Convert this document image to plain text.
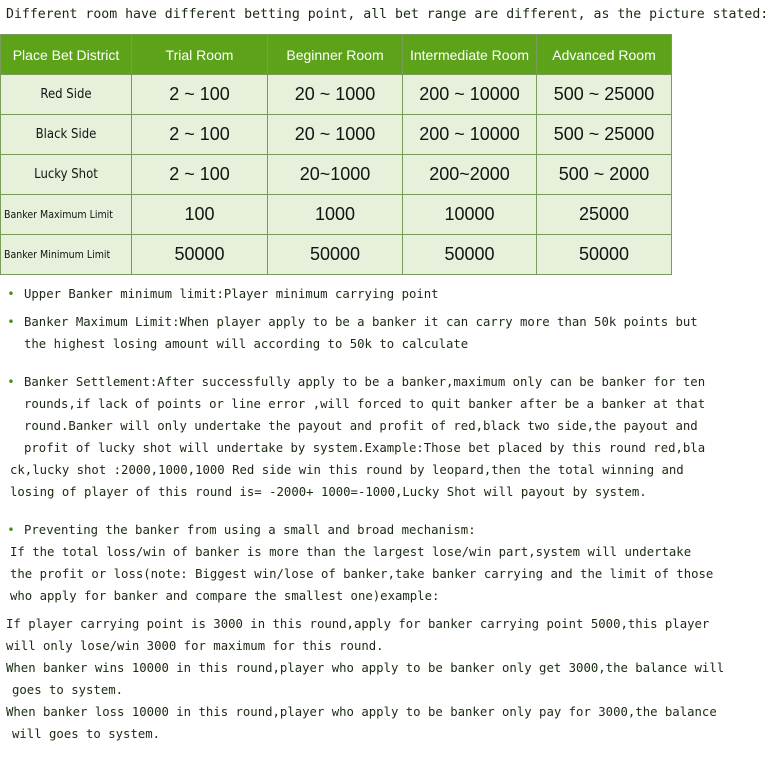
Different room have different betting point, all bet range are different, as the picture stated:
Place Bet District	Trial Room	Beginner Room	Intermediate Room	Advanced Room
Red Side	2 ~ 100	20 ~ 1000	200 ~ 10000	500 ~ 25000
Black Side	2 ~ 100	20 ~ 1000	200 ~ 10000	500 ~ 25000
Lucky Shot	2 ~ 100	20~1000	200~2000	500 ~ 2000
Banker Maximum Limit	100	1000	10000	25000
Banker Minimum Limit	50000	50000	50000	50000
• Upper Banker minimum limit:Player minimum carrying point
• Banker Maximum Limit:When player apply to be a banker it can carry more than 50k points but
the highest losing amount will according to 50k to calculate
• Banker Settlement:After successfully apply to be a banker,maximum only can be banker for ten
rounds,if lack of points or line error ,will forced to quit banker after be a banker at that
round.Banker will only undertake the payout and profit of red,black two side,the payout and
profit of lucky shot will undertake by system.Example:Those bet placed by this round red,bla
ck,lucky shot :2000,1000,1000 Red side win this round by leopard,then the total winning and
losing of player of this round is= -2000+ 1000=-1000,Lucky Shot will payout by system.
• Preventing the banker from using a small and broad mechanism:
If the total loss/win of banker is more than the largest lose/win part,system will undertake
the profit or loss(note: Biggest win/lose of banker,take banker carrying and the limit of those
who apply for banker and compare the smallest one)example:
If player carrying point is 3000 in this round,apply for banker carrying point 5000,this player
will only lose/win 3000 for maximum for this round.
When banker wins 10000 in this round,player who apply to be banker only get 3000,the balance will
goes to system.
When banker loss 10000 in this round,player who apply to be banker only pay for 3000,the balance
will goes to system.
